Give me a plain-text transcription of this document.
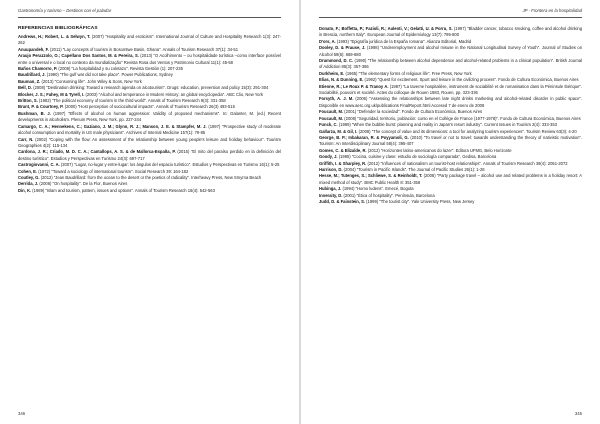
Gastronomía y turismo – Destinos con el paladar
REFERENCIAS BIBLIOGRÁFICAS

Andrews, H.; Robert, L. & Selwyn, T. (2007) "Hospitality and eroticism". International Journal of Culture and Hospitality Research 1(3): 247-262

Anuupandeh, F. (2011) "Lay concepts of tourism in Bosomtwe Basin, Ghana". Annals of Tourism Research 37(1): 34-51

Araujo Perazzolo, O.; Capellano Dos Santos, M. & Pereira, S. (2013) "O Acolhimento – ou hospitalidade turística –como interface possível entre o universal e o local no contexto da mundialização" Revista Rosa dos Ventos y Patrimonio Cultural 11(1): 45-58

Baños Chamorro, P. (2006) "La hospitalidad y su coletazo". Revista Gestión (1): 207-235

Baudrillard, J. (1990) "The gulf war did not take place". Power Publications, Sydney

Bauman, Z. (2013) "Consuming life". John Wiley & Sons, New York

Bell, D. (2008) "Destination drinking: Toward a research agenda on alcotourism". Drugs: education, prevention and policy 15(3): 291-304

Blocker, J. S.; Fahey, M & Tyrell, I. (2003) "Alcohol and temperance in Modern History: an global encyclopedia". ABC Clio, New York

Britton, S. (1982) "The political economy of tourism in the third world". Annals of Tourism Research 9(3): 331-358

Brunt, P. & Courtney, P. (2000) "Host perception of sociocultural impacts". Annals of Tourism Research 26(3) 493-515

Bushman, B. J. (1997) "Effects of alcohol on human aggression: Validity of proposed mechanisms". In: Galanter, M. (ed.) Recent developments in alcoholism. Plenum Press, New York, pp. 227-244

Camargo, C. A.; Hennekens, C.; Gaziano, J. M.; Glynn, R. J.; Manson, J. E. & Stampfer, M. J. (1997) "Prospective study of moderate alcohol consumption and mortality in US male physicians". Archives of Internal Medicine 157(1): 79-85

Carr, N. (2002) "Coping with the flow: An assessment of the relationship between young people's leisure and holiday behaviour". Tourism Geographies 4(2): 115-134

Cardona, J. R.; Criado, M. D. C. A.; Cantallops, A. S. & de Mallorca-España, P. (2015) "El mito del paraíso perdido en la definición del destino turístico". Estudios y Perspectivas en Turismo 24(3): 697-717

Castrogiovanni, C. A. (2007) "Lugar, no-lugar y entre-lugar: los ángulos del espacio turístico". Estudios y Perspectivas en Turismo 16(1): 5-25

Cohen, E. (1972) "Toward a sociology of international tourism". Social Research 39: 164-182

Coutley, G. (2012) "Jean Baudrillard: from the ocean to the desert or the poetics of radicality". Interheavy Press, New Smyrna Beach

Derrida, J. (2006) "On hospitality". De la Flor, Buenos Aires

Din, K. (1989) "Islam and tourism, pattern, issues and options". Annals of Tourism Research 16(4): 542-563

346
JP · Frontera en la hospitalidad

Donato, F.; Boffetta, P.; Fazioli, R.; Aulenti, V.; Gelatti, U. & Porru, S. (1997) "Bladder cancer, tobacco smoking, coffee and alcohol drinking in Brescia, northern Italy". European Journal of Epidemiology 13(7): 795-800

D'ors, A. (1993) "Epigrafía jurídica de la España romana". Alianza Editorial, Madrid

Dooley, D. & Prause, J. (1998) "Underemployment and alcohol misuse in the National Longitudinal Survey of Youth". Journal of Studies on Alcohol 59(6): 669-680

Drummond, D. C. (1990) "The relationship between alcohol dependence and alcohol-related problems in a clinical population". British Journal of Addiction 85(3): 357-366

Durkheim, E. (1965) "The elementary forms of religious life". Free Press, New York

Elias, N. & Dunning, E. (1992) "Quest for excitement. Sport and leisure in the civilizing process". Fondo de Cultura Económica, Buenos Aires

Etienne, R.; Le Roux P. & Tranoy A. (1987) "La taverne hospitalière, instrument de sociabilité et de romanisation dans la Péninsule Ibérique". Sociabilité, pouvoirs et société. Actes du colloque de Rouen 1983, Rouen, pp. 323-336

Forsyth, A. J. M. (2006) "Assessing the relationships between late night drinks marketing and alcohol-related disorder in public space". Disponible en www.aerc.org.uk/publications FinalReport.html Accesed 7 de enero de 2008

Foucault, M. (2001) "Defender la sociedad". Fondo de Cultura Económica, Buenos Aires

Foucault, M. (2008) "Seguridad, territorio, población: curso en el Collège de France (1977-1978)". Fondo de Cultura Económica, Buenos Aires

Funck, C. (1999) "When the bubble burst: planning and reality in Japan's resort industry". Current Issues in Tourism 2(4): 333-353

Gallarza, M. & Gil, I. (2008) "The concept of value and its dimensions: a tool for analyzing tourism experiences". Tourism Review 63(3): 4-20

George, B. P.; Inbakaran, R. & Poyyamoli, G. (2010) "To travel or not to travel: towards understanding the theory of nativistic motivation". Tourism: An Interdisciplinary Journal 58(4): 395-407

Gomes, C. & Elizalde, R. (2012) "Horizontes latino-americanos do lazer". Editora UFMG, Belo Horizonte

Goody, J. (1995) "Cocina, cuisine y clase: estudio de sociología comparada". Gedisa, Barcelona

Griffith, I. & Sharpley, R. (2012) "Influences of nationalism on tourist-host relationships". Annals of Tourism Research 39(4): 2051-2072

Harrison, D. (2004) "Tourism in Pacific Islands". The Journal of Pacific Studies 26(1): 1-28

Hesse, M.; Tutenges, S.; Schliewe, S. & Reinholdt, T. (2008) "Party package travel – alcohol use and related problems in a holiday resort: A mixed method of study". BMC Public Health 8: 351-358

Hubinga, J. (1994) "Homo ludens". Emecé, Bogota

Inneraity, D. (2001) "Ética of hospitality". Península, Barcelona

Judd, D. & Fainstein, S. (1999) "The tourist city". Yale University Press, New Jersey

345
